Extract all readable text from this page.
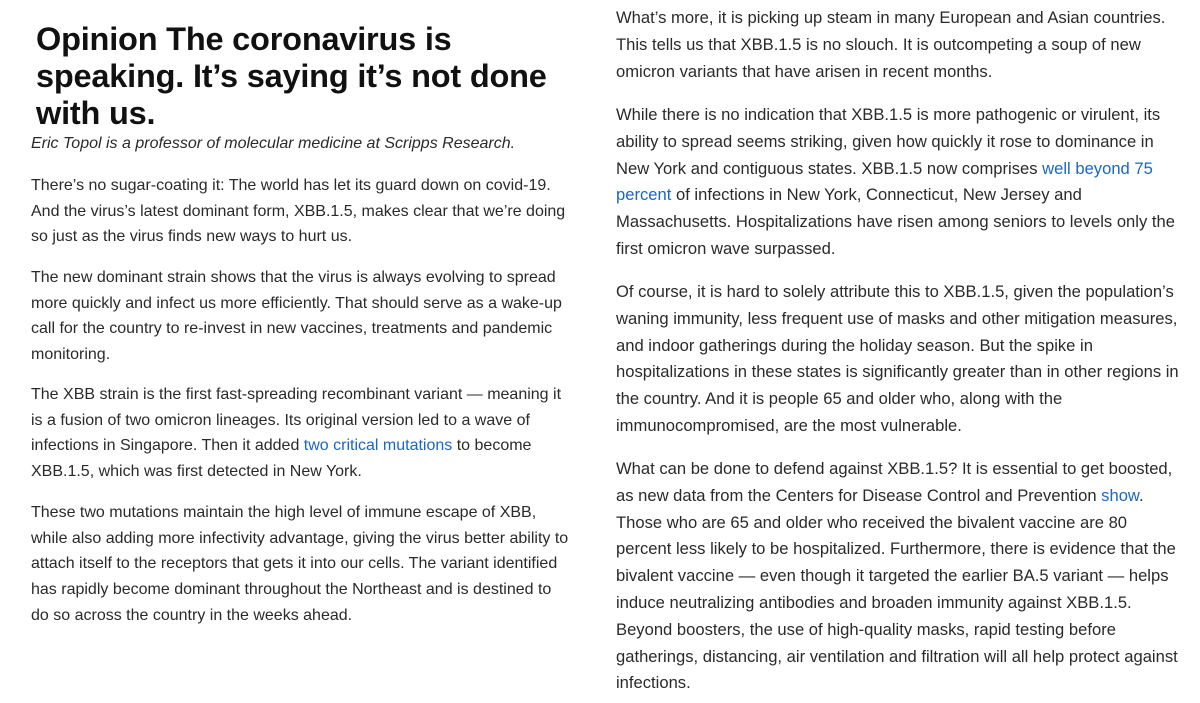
Opinion The coronavirus is speaking. It’s saying it’s not done with us.

Eric Topol is a professor of molecular medicine at Scripps Research.

There’s no sugar-coating it: The world has let its guard down on covid-19. And the virus’s latest dominant form, XBB.1.5, makes clear that we’re doing so just as the virus finds new ways to hurt us.

The new dominant strain shows that the virus is always evolving to spread more quickly and infect us more efficiently. That should serve as a wake-up call for the country to re-invest in new vaccines, treatments and pandemic monitoring.

The XBB strain is the first fast-spreading recombinant variant — meaning it is a fusion of two omicron lineages. Its original version led to a wave of infections in Singapore. Then it added two critical mutations to become XBB.1.5, which was first detected in New York.

These two mutations maintain the high level of immune escape of XBB, while also adding more infectivity advantage, giving the virus better ability to attach itself to the receptors that gets it into our cells. The variant identified has rapidly become dominant throughout the Northeast and is destined to do so across the country in the weeks ahead.

What’s more, it is picking up steam in many European and Asian countries. This tells us that XBB.1.5 is no slouch. It is outcompeting a soup of new omicron variants that have arisen in recent months.

While there is no indication that XBB.1.5 is more pathogenic or virulent, its ability to spread seems striking, given how quickly it rose to dominance in New York and contiguous states. XBB.1.5 now comprises well beyond 75 percent of infections in New York, Connecticut, New Jersey and Massachusetts. Hospitalizations have risen among seniors to levels only the first omicron wave surpassed.

Of course, it is hard to solely attribute this to XBB.1.5, given the population’s waning immunity, less frequent use of masks and other mitigation measures, and indoor gatherings during the holiday season. But the spike in hospitalizations in these states is significantly greater than in other regions in the country. And it is people 65 and older who, along with the immunocompromised, are the most vulnerable.

What can be done to defend against XBB.1.5? It is essential to get boosted, as new data from the Centers for Disease Control and Prevention show. Those who are 65 and older who received the bivalent vaccine are 80 percent less likely to be hospitalized. Furthermore, there is evidence that the bivalent vaccine — even though it targeted the earlier BA.5 variant — helps induce neutralizing antibodies and broaden immunity against XBB.1.5. Beyond boosters, the use of high-quality masks, rapid testing before gatherings, distancing, air ventilation and filtration will all help protect against infections.
